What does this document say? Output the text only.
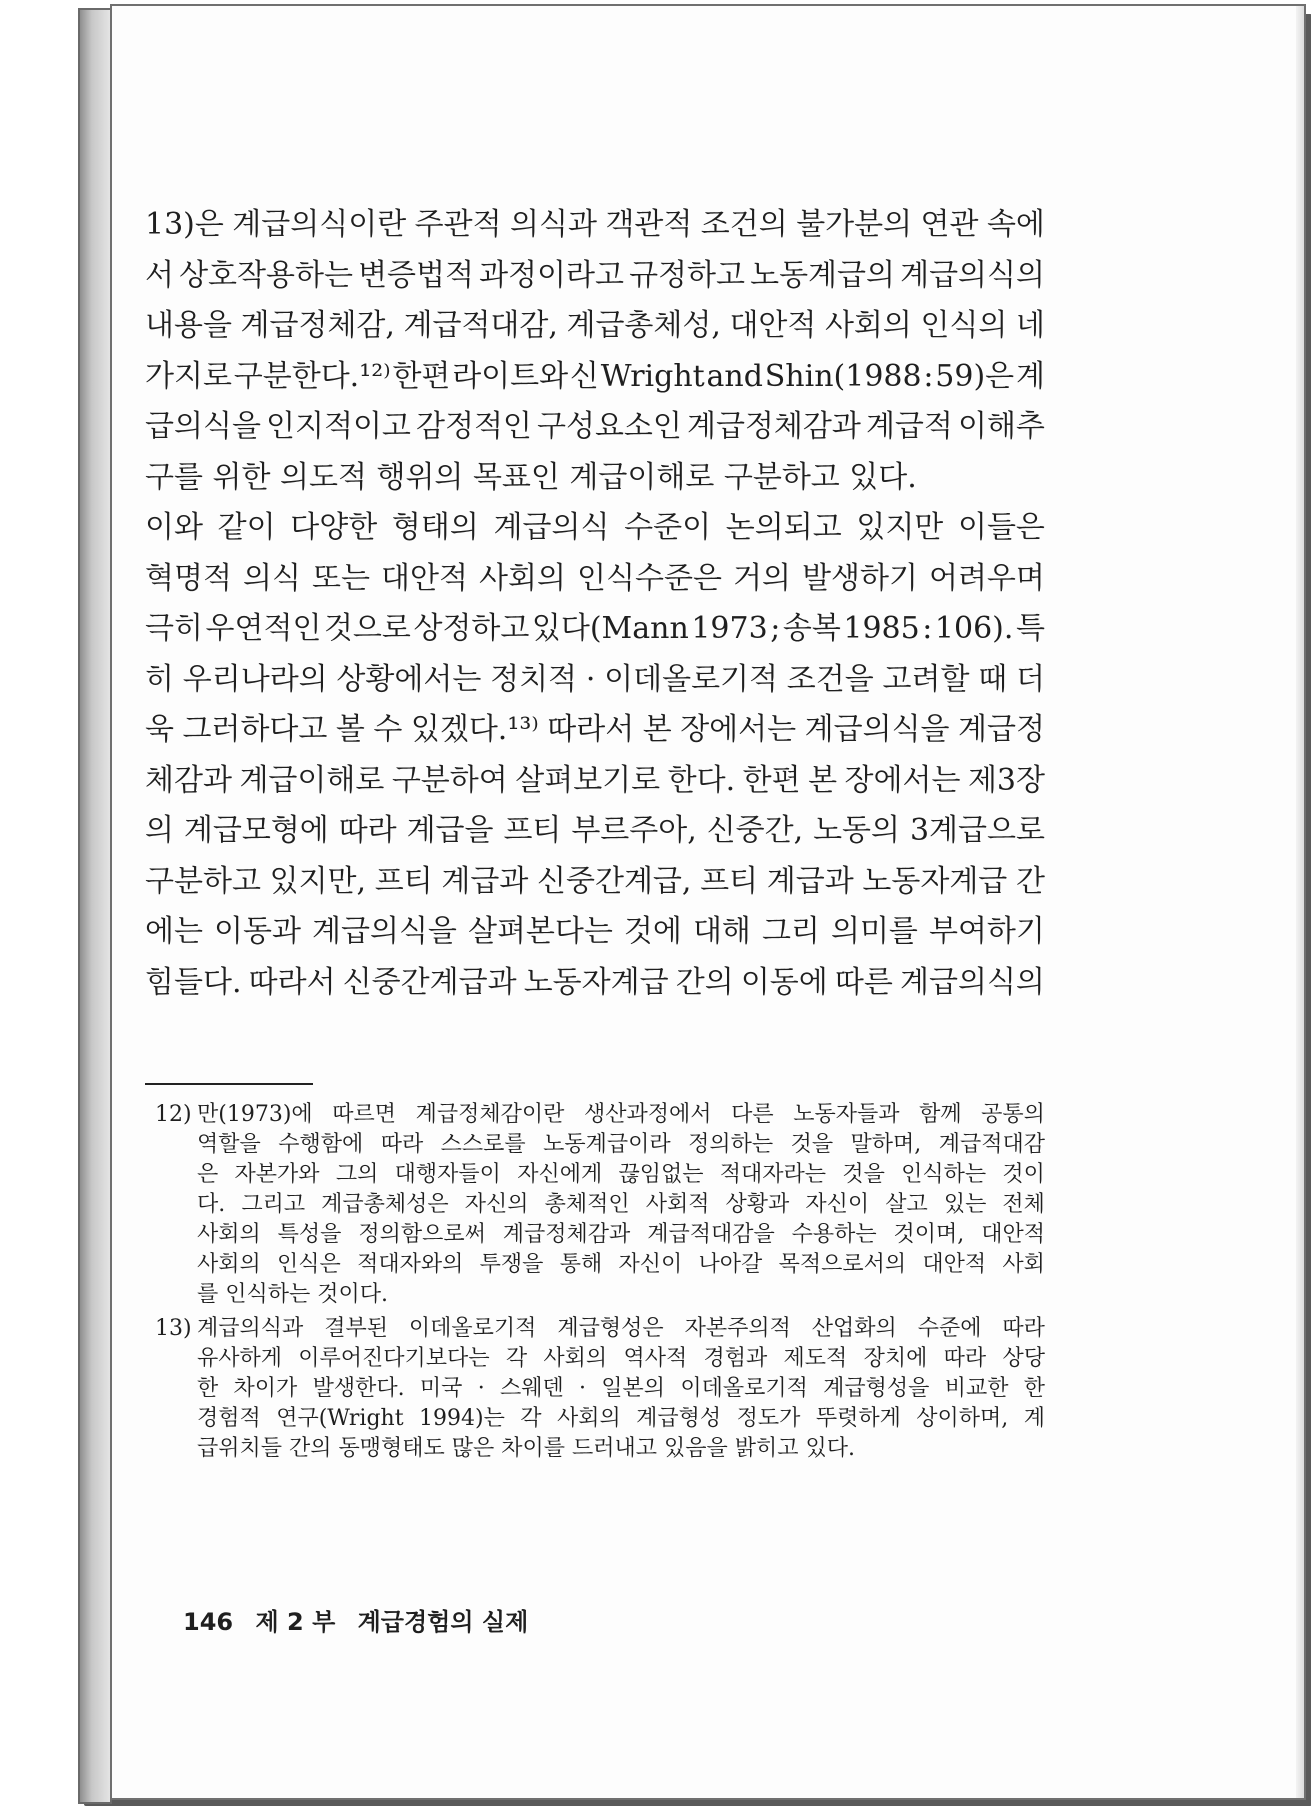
13)은 계급의식이란 주관적 의식과 객관적 조건의 불가분의 연관 속에
서 상호작용하는 변증법적 과정이라고 규정하고 노동계급의 계급의식의
내용을 계급정체감, 계급적대감, 계급총체성, 대안적 사회의 인식의 네
가지로 구분한다.¹²⁾ 한편 라이트와 신 Wright and Shin(1988 : 59)은 계
급의식을 인지적이고 감정적인 구성요소인 계급정체감과 계급적 이해추
구를 위한 의도적 행위의 목표인 계급이해로 구분하고 있다.
이와 같이 다양한 형태의 계급의식 수준이 논의되고 있지만 이들은
혁명적 의식 또는 대안적 사회의 인식수준은 거의 발생하기 어려우며
극히 우연적인 것으로 상정하고 있다(Mann 1973 ; 송복 1985 : 106). 특
히 우리나라의 상황에서는 정치적 · 이데올로기적 조건을 고려할 때 더
욱 그러하다고 볼 수 있겠다.¹³⁾ 따라서 본 장에서는 계급의식을 계급정
체감과 계급이해로 구분하여 살펴보기로 한다. 한편 본 장에서는 제3장
의 계급모형에 따라 계급을 프티 부르주아, 신중간, 노동의 3계급으로
구분하고 있지만, 프티 계급과 신중간계급, 프티 계급과 노동자계급 간
에는 이동과 계급의식을 살펴본다는 것에 대해 그리 의미를 부여하기
힘들다. 따라서 신중간계급과 노동자계급 간의 이동에 따른 계급의식의
12) 만(1973)에 따르면 계급정체감이란 생산과정에서 다른 노동자들과 함께 공통의
역할을 수행함에 따라 스스로를 노동계급이라 정의하는 것을 말하며, 계급적대감
은 자본가와 그의 대행자들이 자신에게 끊임없는 적대자라는 것을 인식하는 것이
다. 그리고 계급총체성은 자신의 총체적인 사회적 상황과 자신이 살고 있는 전체
사회의 특성을 정의함으로써 계급정체감과 계급적대감을 수용하는 것이며, 대안적
사회의 인식은 적대자와의 투쟁을 통해 자신이 나아갈 목적으로서의 대안적 사회
를 인식하는 것이다.
13) 계급의식과 결부된 이데올로기적 계급형성은 자본주의적 산업화의 수준에 따라
유사하게 이루어진다기보다는 각 사회의 역사적 경험과 제도적 장치에 따라 상당
한 차이가 발생한다. 미국 · 스웨덴 · 일본의 이데올로기적 계급형성을 비교한 한
경험적 연구(Wright 1994)는 각 사회의 계급형성 정도가 뚜렷하게 상이하며, 계
급위치들 간의 동맹형태도 많은 차이를 드러내고 있음을 밝히고 있다.
146 제 2 부 계급경험의 실제
